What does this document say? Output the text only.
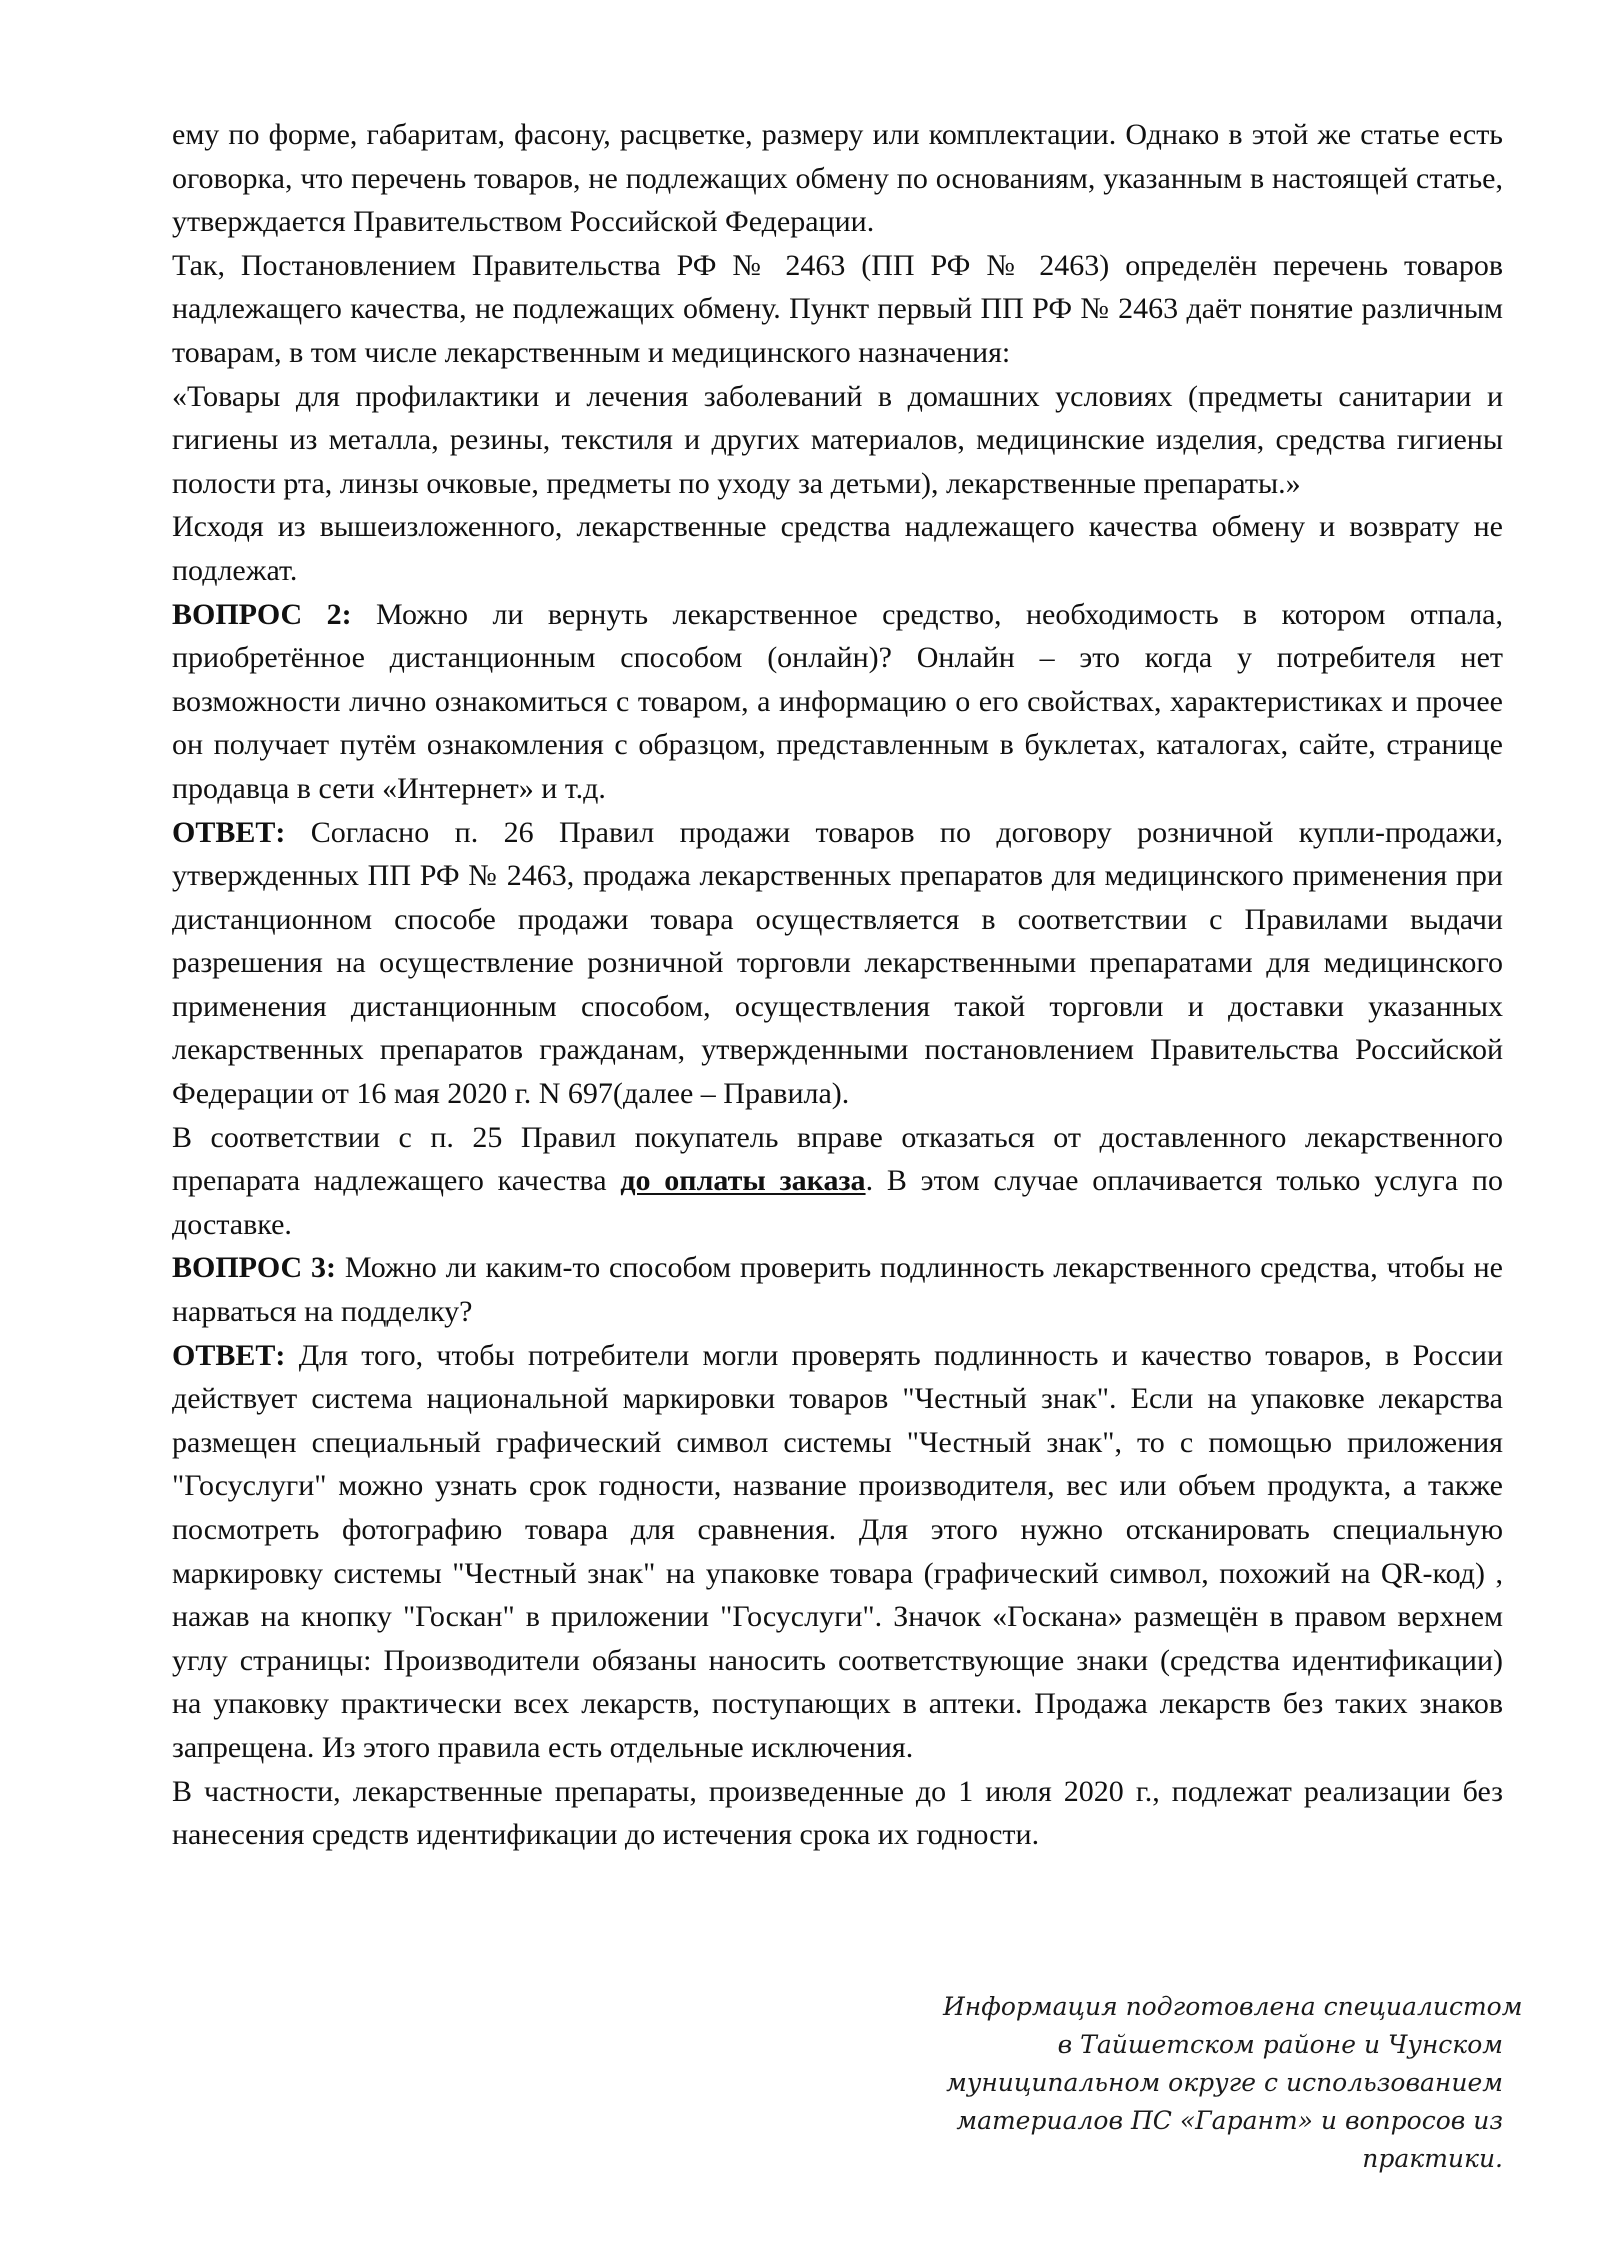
ему по форме, габаритам, фасону, расцветке, размеру или комплектации. Однако в этой же статье есть оговорка, что перечень товаров, не подлежащих обмену по основаниям, указанным в настоящей статье, утверждается Правительством Российской Федерации.

Так, Постановлением Правительства РФ № 2463 (ПП РФ № 2463) определён перечень товаров надлежащего качества, не подлежащих обмену. Пункт первый ПП РФ № 2463 даёт понятие различным товарам, в том числе лекарственным и медицинского назначения:

«Товары для профилактики и лечения заболеваний в домашних условиях (предметы санитарии и гигиены из металла, резины, текстиля и других материалов, медицинские изделия, средства гигиены полости рта, линзы очковые, предметы по уходу за детьми), лекарственные препараты.»

Исходя из вышеизложенного, лекарственные средства надлежащего качества обмену и возврату не подлежат.

ВОПРОС 2: Можно ли вернуть лекарственное средство, необходимость в котором отпала, приобретённое дистанционным способом (онлайн)? Онлайн – это когда у потребителя нет возможности лично ознакомиться с товаром, а информацию о его свойствах, характеристиках и прочее он получает путём ознакомления с образцом, представленным в буклетах, каталогах, сайте, странице продавца в сети «Интернет» и т.д.

ОТВЕТ: Согласно п. 26 Правил продажи товаров по договору розничной купли-продажи, утвержденных ПП РФ № 2463, продажа лекарственных препаратов для медицинского применения при дистанционном способе продажи товара осуществляется в соответствии с Правилами выдачи разрешения на осуществление розничной торговли лекарственными препаратами для медицинского применения дистанционным способом, осуществления такой торговли и доставки указанных лекарственных препаратов гражданам, утвержденными постановлением Правительства Российской Федерации от 16 мая 2020 г. N 697(далее – Правила).

В соответствии с п. 25 Правил покупатель вправе отказаться от доставленного лекарственного препарата надлежащего качества до оплаты заказа. В этом случае оплачивается только услуга по доставке.

ВОПРОС 3: Можно ли каким-то способом проверить подлинность лекарственного средства, чтобы не нарваться на подделку?

ОТВЕТ: Для того, чтобы потребители могли проверять подлинность и качество товаров, в России действует система национальной маркировки товаров "Честный знак". Если на упаковке лекарства размещен специальный графический символ системы "Честный знак", то с помощью приложения "Госуслуги" можно узнать срок годности, название производителя, вес или объем продукта, а также посмотреть фотографию товара для сравнения. Для этого нужно отсканировать специальную маркировку системы "Честный знак" на упаковке товара (графический символ, похожий на QR-код) , нажав на кнопку "Госкан" в приложении "Госуслуги". Значок «Госкана» размещён в правом верхнем углу страницы: Производители обязаны наносить соответствующие знаки (средства идентификации) на упаковку практически всех лекарств, поступающих в аптеки. Продажа лекарств без таких знаков запрещена. Из этого правила есть отдельные исключения.

В частности, лекарственные препараты, произведенные до 1 июля 2020 г., подлежат реализации без нанесения средств идентификации до истечения срока их годности.

Информация подготовлена специалистом
в Тайшетском районе и Чунском
муниципальном округе с использованием
материалов ПС «Гарант» и вопросов из
практики.
